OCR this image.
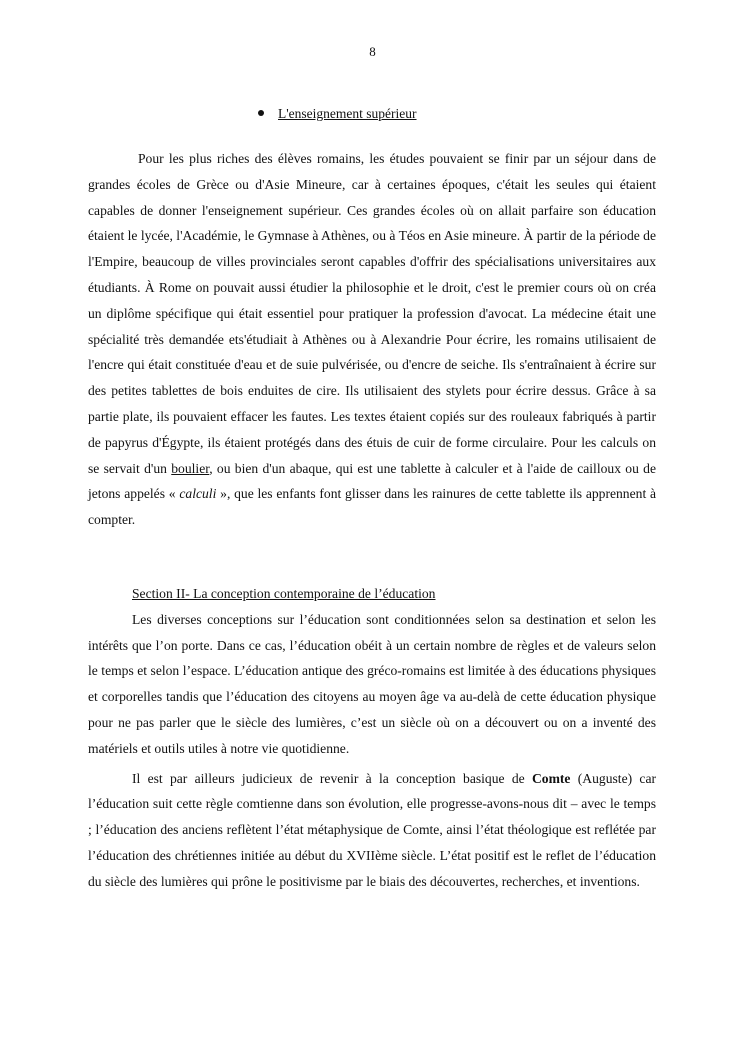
8
L'enseignement supérieur

Pour les plus riches des élèves romains, les études pouvaient se finir par un séjour dans de grandes écoles de Grèce ou d'Asie Mineure, car à certaines époques, c'était les seules qui étaient capables de donner l'enseignement supérieur. Ces grandes écoles où on allait parfaire son éducation étaient le lycée, l'Académie, le Gymnase à Athènes, ou à Téos en Asie mineure. À partir de la période de l'Empire, beaucoup de villes provinciales seront capables d'offrir des spécialisations universitaires aux étudiants. À Rome on pouvait aussi étudier la philosophie et le droit, c'est le premier cours où on créa un diplôme spécifique qui était essentiel pour pratiquer la profession d'avocat. La médecine était une spécialité très demandée ets'étudiait à Athènes ou à Alexandrie Pour écrire, les romains utilisaient de l'encre qui était constituée d'eau et de suie pulvérisée, ou d'encre de seiche. Ils s'entraînaient à écrire sur des petites tablettes de bois enduites de cire. Ils utilisaient des stylets pour écrire dessus. Grâce à sa partie plate, ils pouvaient effacer les fautes. Les textes étaient copiés sur des rouleaux fabriqués à partir de papyrus d'Égypte, ils étaient protégés dans des étuis de cuir de forme circulaire. Pour les calculs on se servait d'un boulier, ou bien d'un abaque, qui est une tablette à calculer et à l'aide de cailloux ou de jetons appelés « calculi », que les enfants font glisser dans les rainures de cette tablette ils apprennent à compter.

Section II- La conception contemporaine de l’éducation

Les diverses conceptions sur l’éducation sont conditionnées selon sa destination et selon les intérêts que l’on porte. Dans ce cas, l’éducation obéit à un certain nombre de règles et de valeurs selon le temps et selon l’espace. L’éducation antique des gréco-romains est limitée à des éducations physiques et corporelles tandis que l’éducation des citoyens au moyen âge va au-delà de cette éducation physique pour ne pas parler que le siècle des lumières, c’est un siècle où on a découvert ou on a inventé des matériels et outils utiles à notre vie quotidienne.

Il est par ailleurs judicieux de revenir à la conception basique de Comte (Auguste) car l’éducation suit cette règle comtienne dans son évolution, elle progresse-avons-nous dit – avec le temps ; l’éducation des anciens reflètent l’état métaphysique de Comte, ainsi l’état théologique est reflétée par l’éducation des chrétiennes initiée au début du XVIIème siècle. L’état positif est le reflet de l’éducation du siècle des lumières qui prône le positivisme par le biais des découvertes, recherches, et inventions.
